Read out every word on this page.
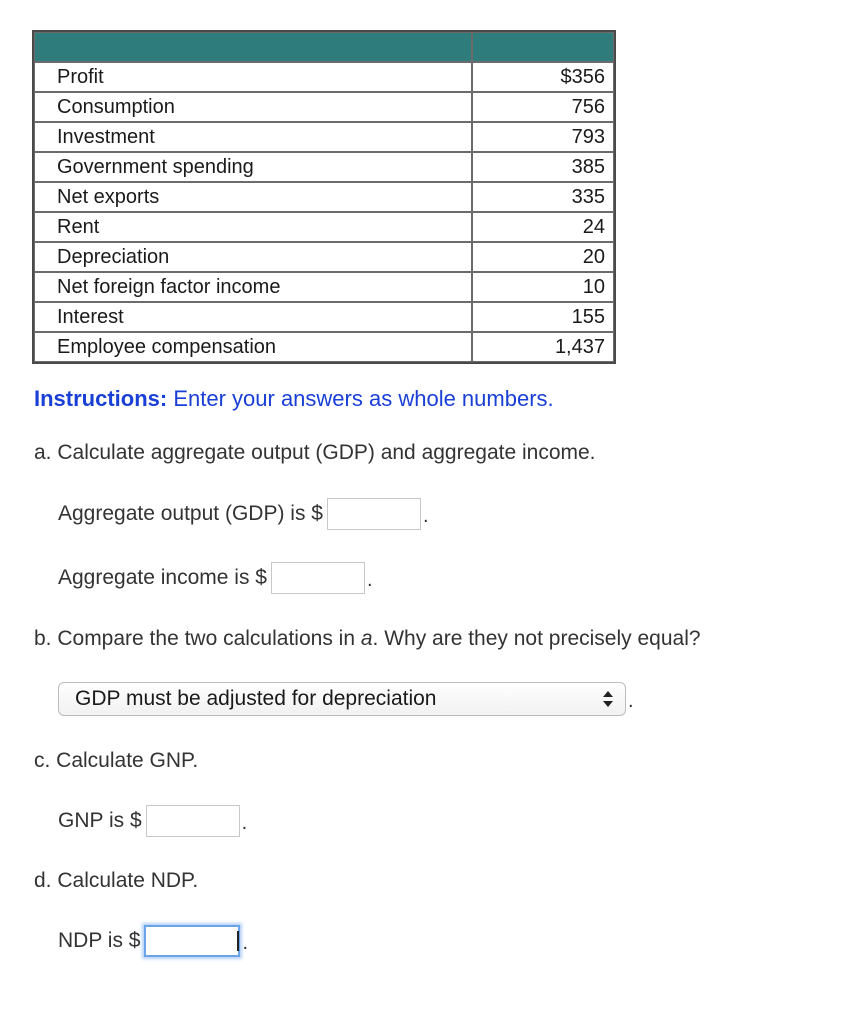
Profit	$356
Consumption	756
Investment	793
Government spending	385
Net exports	335
Rent	24
Depreciation	20
Net foreign factor income	10
Interest	155
Employee compensation	1,437
Instructions: Enter your answers as whole numbers.
a. Calculate aggregate output (GDP) and aggregate income.
Aggregate output (GDP) is $	.
Aggregate income is $	.
b. Compare the two calculations in a. Why are they not precisely equal?
GDP must be adjusted for depreciation	.
c. Calculate GNP.
GNP is $	.
d. Calculate NDP.
NDP is $	.
